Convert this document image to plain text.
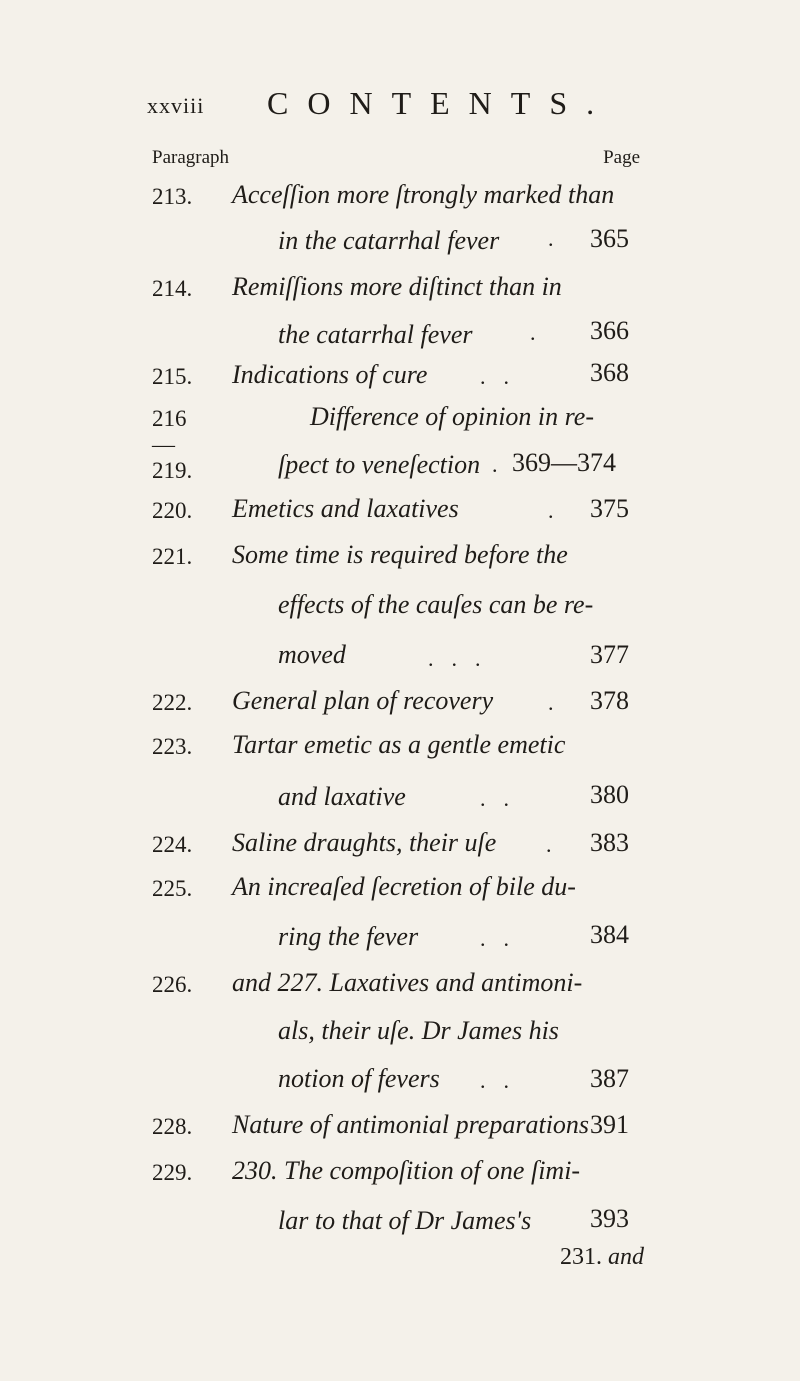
xxviii CONTENTS.
Paragraph	Page
213. Acceſſion more ſtrongly marked than
in the catarrhal fever . 365
214. Remiſſions more diſtinct than in
the catarrhal fever	. 366
215. Indications of cure .. 368
216—219.
Difference of opinion in re-
ſpect to veneſection .
369—374
220. Emetics and laxatives	. 375
221. Some time is required before the
effects of the cauſes can be re-
moved	...	377
222. General plan of recovery . 378
223. Tartar emetic as a gentle emetic
and laxative	.. 380
224. Saline draughts, their uſe . 383
225. An increaſed ſecretion of bile du-
ring the fever	.. 384
226. and 227. Laxatives and antimoni-
als, their uſe. Dr James his
notion of fevers .. 387
228. Nature of antimonial preparations 391
229. 230. The compoſition of one ſimi-
lar to that of Dr James's 393
231. and
